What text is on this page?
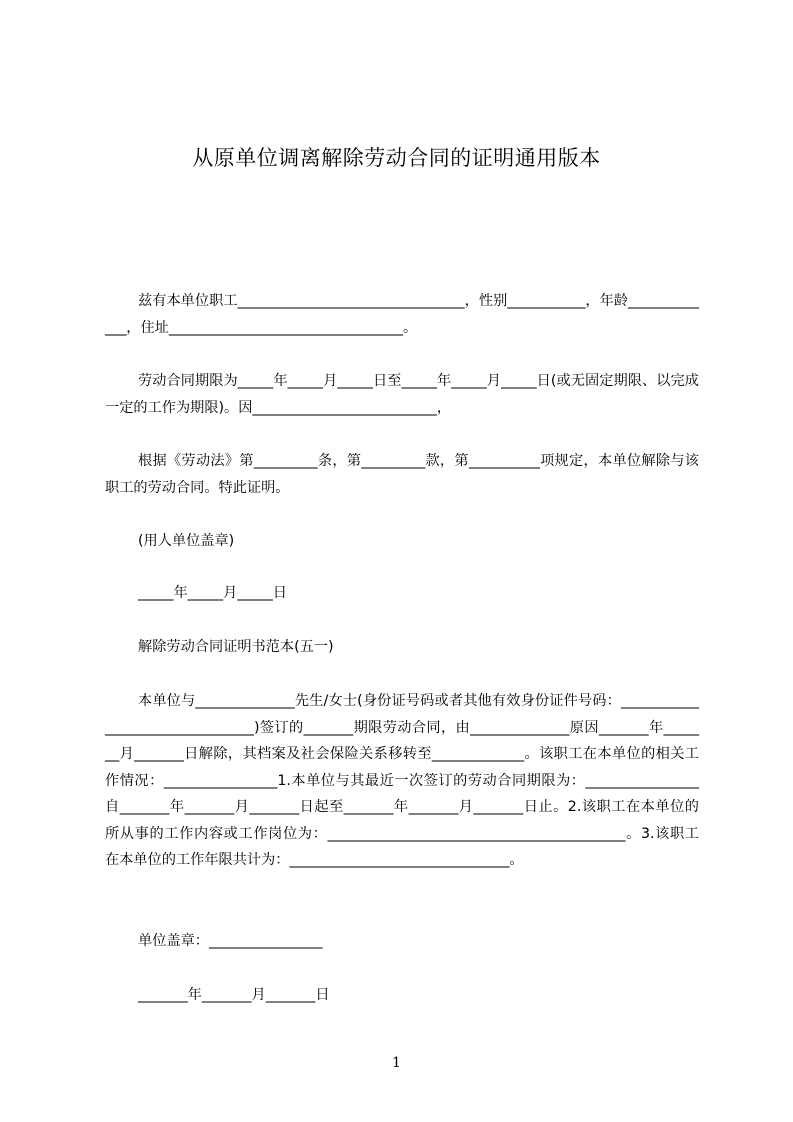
从原单位调离解除劳动合同的证明通用版本
兹有本单位职工________________________________，性别___________，年龄_____________，住址_________________________________。
劳动合同期限为_____年_____月_____日至_____年_____月_____日(或无固定期限、以完成一定的工作为期限)。因__________________________，
根据《劳动法》第_________条，第_________款，第__________项规定，本单位解除与该职工的劳动合同。特此证明。
(用人单位盖章)
_____年_____月_____日
解除劳动合同证明书范本(五一)
本单位与______________先生/女士(身份证号码或者其他有效身份证件号码：________________________________)签订的_______期限劳动合同，由______________原因_______年_______月_______日解除，其档案及社会保险关系移转至_____________。该职工在本单位的相关工作情况：________________1.本单位与其最近一次签订的劳动合同期限为：________________自_______年_______月_______日起至_______年_______月_______日止。2.该职工在本单位的所从事的工作内容或工作岗位为：__________________________________________。3.该职工在本单位的工作年限共计为：_______________________________。
单位盖章：________________
_______年_______月_______日
1
